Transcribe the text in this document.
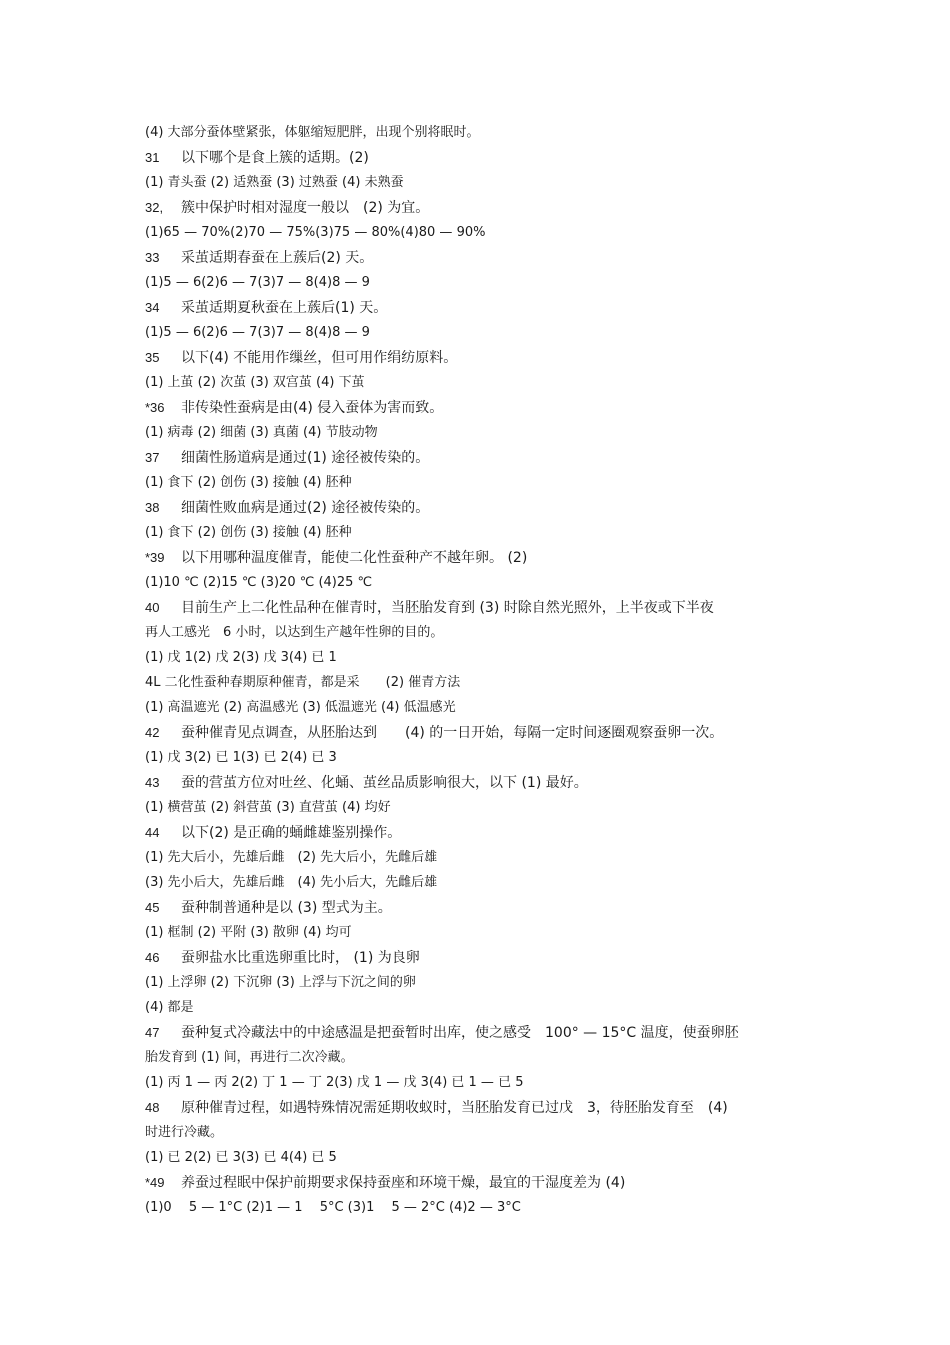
(4) 大部分蚕体壁紧张，体躯缩短肥胖，出现个别将眠时。
31 以下哪个是食上簇的适期。(2)
(1) 青头蚕 (2) 适熟蚕 (3) 过熟蚕 (4) 未熟蚕
32, 簇中保护时相对湿度一般以　(2) 为宜。
(1)65 — 70%(2)70 — 75%(3)75 — 80%(4)80 — 90%
33 采茧适期春蚕在上蔟后(2) 天。
(1)5 — 6(2)6 — 7(3)7 — 8(4)8 — 9
34 采茧适期夏秋蚕在上蔟后(1) 天。
(1)5 — 6(2)6 — 7(3)7 — 8(4)8 — 9
35 以下(4) 不能用作缫丝，但可用作绢纺原料。
(1) 上茧 (2) 次茧 (3) 双宫茧 (4) 下茧
*36 非传染性蚕病是由(4) 侵入蚕体为害而致。
(1) 病毒 (2) 细菌 (3) 真菌 (4) 节肢动物
37 细菌性肠道病是通过(1) 途径被传染的。
(1) 食下 (2) 创伤 (3) 接触 (4) 胚种
38 细菌性败血病是通过(2) 途径被传染的。
(1) 食下 (2) 创伤 (3) 接触 (4) 胚种
*39 以下用哪种温度催青，能使二化性蚕种产不越年卵。 (2)
(1)10 ℃ (2)15 ℃ (3)20 ℃ (4)25 ℃
40 目前生产上二化性品种在催青时，当胚胎发育到 (3) 时除自然光照外，上半夜或下半夜
再人工感光　6 小时，以达到生产越年性卵的目的。
(1) 戊 1(2) 戊 2(3) 戊 3(4) 已 1
4L 二化性蚕种春期原种催青，都是采　　(2) 催青方法
(1) 高温遮光 (2) 高温感光 (3) 低温遮光 (4) 低温感光
42 蚕种催青见点调查，从胚胎达到　　(4) 的一日开始，每隔一定时间逐圈观察蚕卵一次。
(1) 戊 3(2) 已 1(3) 已 2(4) 已 3
43 蚕的营茧方位对吐丝、化蛹、茧丝品质影响很大，以下 (1) 最好。
(1) 横营茧 (2) 斜营茧 (3) 直营茧 (4) 均好
44 以下(2) 是正确的蛹雌雄鉴别操作。
(1) 先大后小，先雄后雌　(2) 先大后小，先雌后雄
(3) 先小后大，先雄后雌　(4) 先小后大，先雌后雄
45 蚕种制普通种是以 (3) 型式为主。
(1) 框制 (2) 平附 (3) 散卵 (4) 均可
46 蚕卵盐水比重选卵重比时， (1) 为良卵
(1) 上浮卵 (2) 下沉卵 (3) 上浮与下沉之间的卵
(4) 都是
47 蚕种复式冷藏法中的中途感温是把蚕暂时出库，使之感受　100° — 15°C 温度，使蚕卵胚
胎发育到 (1) 间，再进行二次冷藏。
(1) 丙 1 — 丙 2(2) 丁 1 — 丁 2(3) 戊 1 — 戊 3(4) 已 1 — 已 5
48 原种催青过程，如遇特殊情况需延期收蚁时，当胚胎发育已过戊　3，待胚胎发育至　(4)
时进行冷藏。
(1) 已 2(2) 已 3(3) 已 4(4) 已 5
*49 养蚕过程眠中保护前期要求保持蚕座和环境干燥，最宜的干湿度差为 (4)
(1)0　 5 — 1°C (2)1 — 1　 5°C (3)1　 5 — 2°C (4)2 — 3°C
